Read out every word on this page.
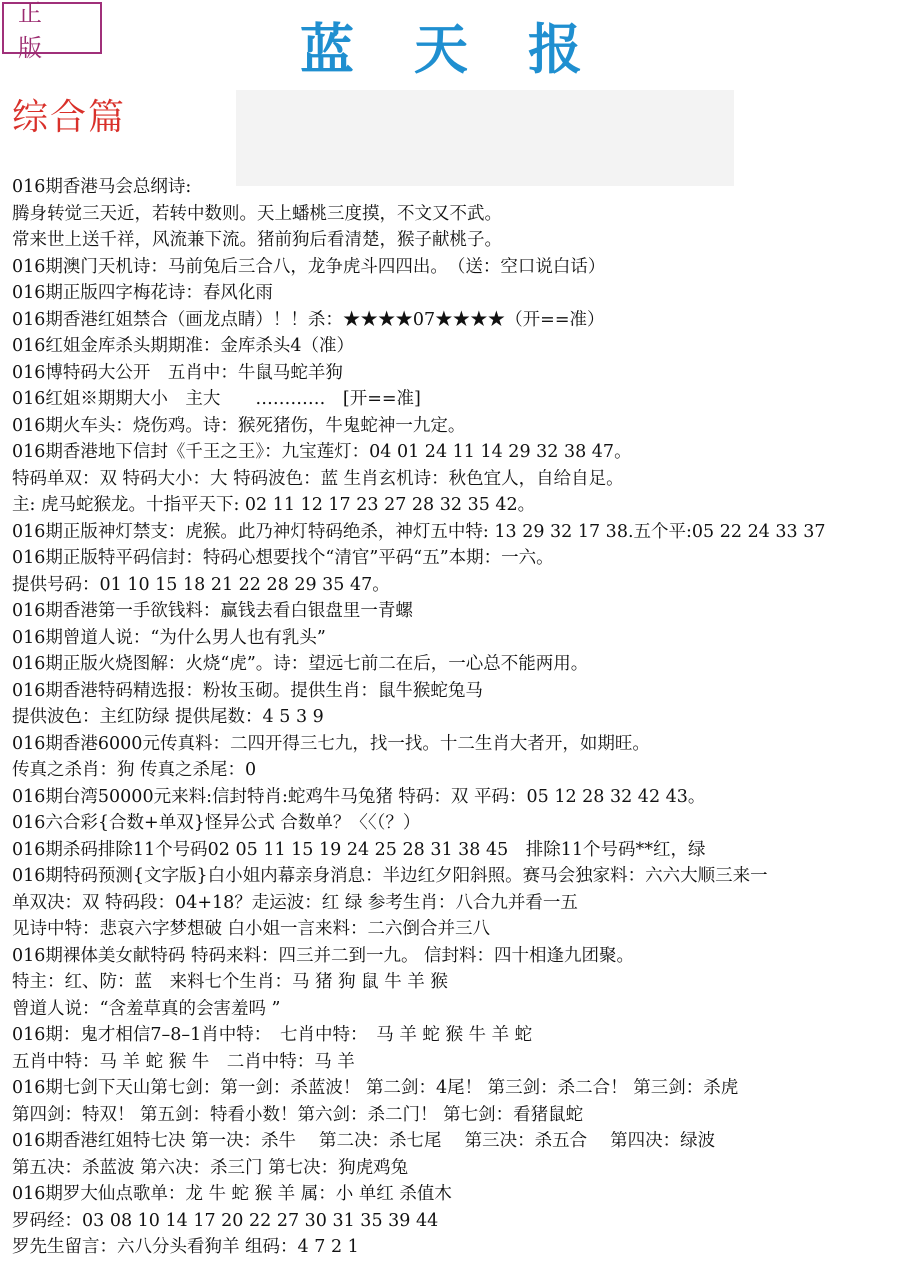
正版	蓝天报
综合篇
016期香港马会总纲诗:
腾身转觉三天近，若转中数则。天上蟠桃三度摸，不文又不武。
常来世上送千祥，风流兼下流。猪前狗后看清楚，猴子献桃子。
016期澳门天机诗：马前兔后三合八，龙争虎斗四四出。　（送：空口说白话）
016期正版四字梅花诗：春风化雨
016期香港红姐禁合（画龙点睛）！！杀：★★★★07★★★★（开==准）
016红姐金库杀头期期准：金库杀头4（准）
016博特码大公开　五肖中：牛鼠马蛇羊狗
016红姐※期期大小　主大　　…………　[开==准]
016期火车头：烧伤鸡。诗：猴死猪伤，牛鬼蛇神一九定。
016期香港地下信封《千王之王》：九宝莲灯：04 01 24 11 14 29 32 38 47。
特码单双：双 特码大小：大 特码波色：蓝 生肖玄机诗：秋色宜人，自给自足。
主: 虎马蛇猴龙。十指平天下: 02 11 12 17 23 27 28 32 35 42。
016期正版神灯禁支：虎猴。此乃神灯特码绝杀，神灯五中特: 13 29 32 17 38.五个平:05 22 24 33 37
016期正版特平码信封：特码心想要找个“清官”平码“五”本期：一六。
提供号码：01 10 15 18 21 22 28 29 35 47。
016期香港第一手欲钱料：赢钱去看白银盘里一青螺
016期曾道人说：“为什么男人也有乳头”
016期正版火烧图解：火烧“虎”。诗：望远七前二在后，一心总不能两用。
016期香港特码精选报：粉妆玉砌。提供生肖：鼠牛猴蛇兔马
提供波色：主红防绿 提供尾数：4 5 3 9
016期香港6000元传真料：二四开得三七九，找一找。十二生肖大者开，如期旺。
传真之杀肖：狗 传真之杀尾：0
016期台湾50000元来料:信封特肖:蛇鸡牛马兔猪 特码：双 平码：05 12 28 32 42 43。
016六合彩{合数+单双}怪异公式 合数单？〈〈（？）
016期杀码排除11个号码02 05 11 15 19 24 25 28 31 38 45　排除11个号码**红，绿
016期特码预测{文字版}白小姐内幕亲身消息：半边红夕阳斜照。赛马会独家料：六六大顺三来一
单双决：双 特码段：04+18？走运波：红 绿 参考生肖：八合九并看一五
见诗中特：悲哀六字梦想破 白小姐一言来料：二六倒合并三八
016期裸体美女献特码 特码来料：四三并二到一九。 信封料：四十相逢九团聚。
特主：红、防：蓝　来料七个生肖：马 猪 狗 鼠 牛 羊 猴
曾道人说：“含羞草真的会害羞吗 ”
016期：鬼才相信7–8–1肖中特：　七肖中特：　马 羊 蛇 猴 牛 羊 蛇
五肖中特：马 羊 蛇 猴 牛　二肖中特：马 羊
016期七剑下天山第七剑：第一剑：杀蓝波！ 第二剑：4尾！ 第三剑：杀二合！ 第三剑：杀虎
第四剑：特双！ 第五剑：特看小数！第六剑：杀二门！ 第七剑：看猪鼠蛇
016期香港红姐特七决 第一决：杀牛　 第二决：杀七尾　 第三决：杀五合　 第四决：绿波
第五决：杀蓝波 第六决：杀三门 第七决：狗虎鸡兔
016期罗大仙点歌单：龙 牛 蛇 猴 羊 属：小 单红 杀值木
罗码经：03 08 10 14 17 20 22 27 30 31 35 39 44
罗先生留言：六八分头看狗羊 组码：4 7 2 1
